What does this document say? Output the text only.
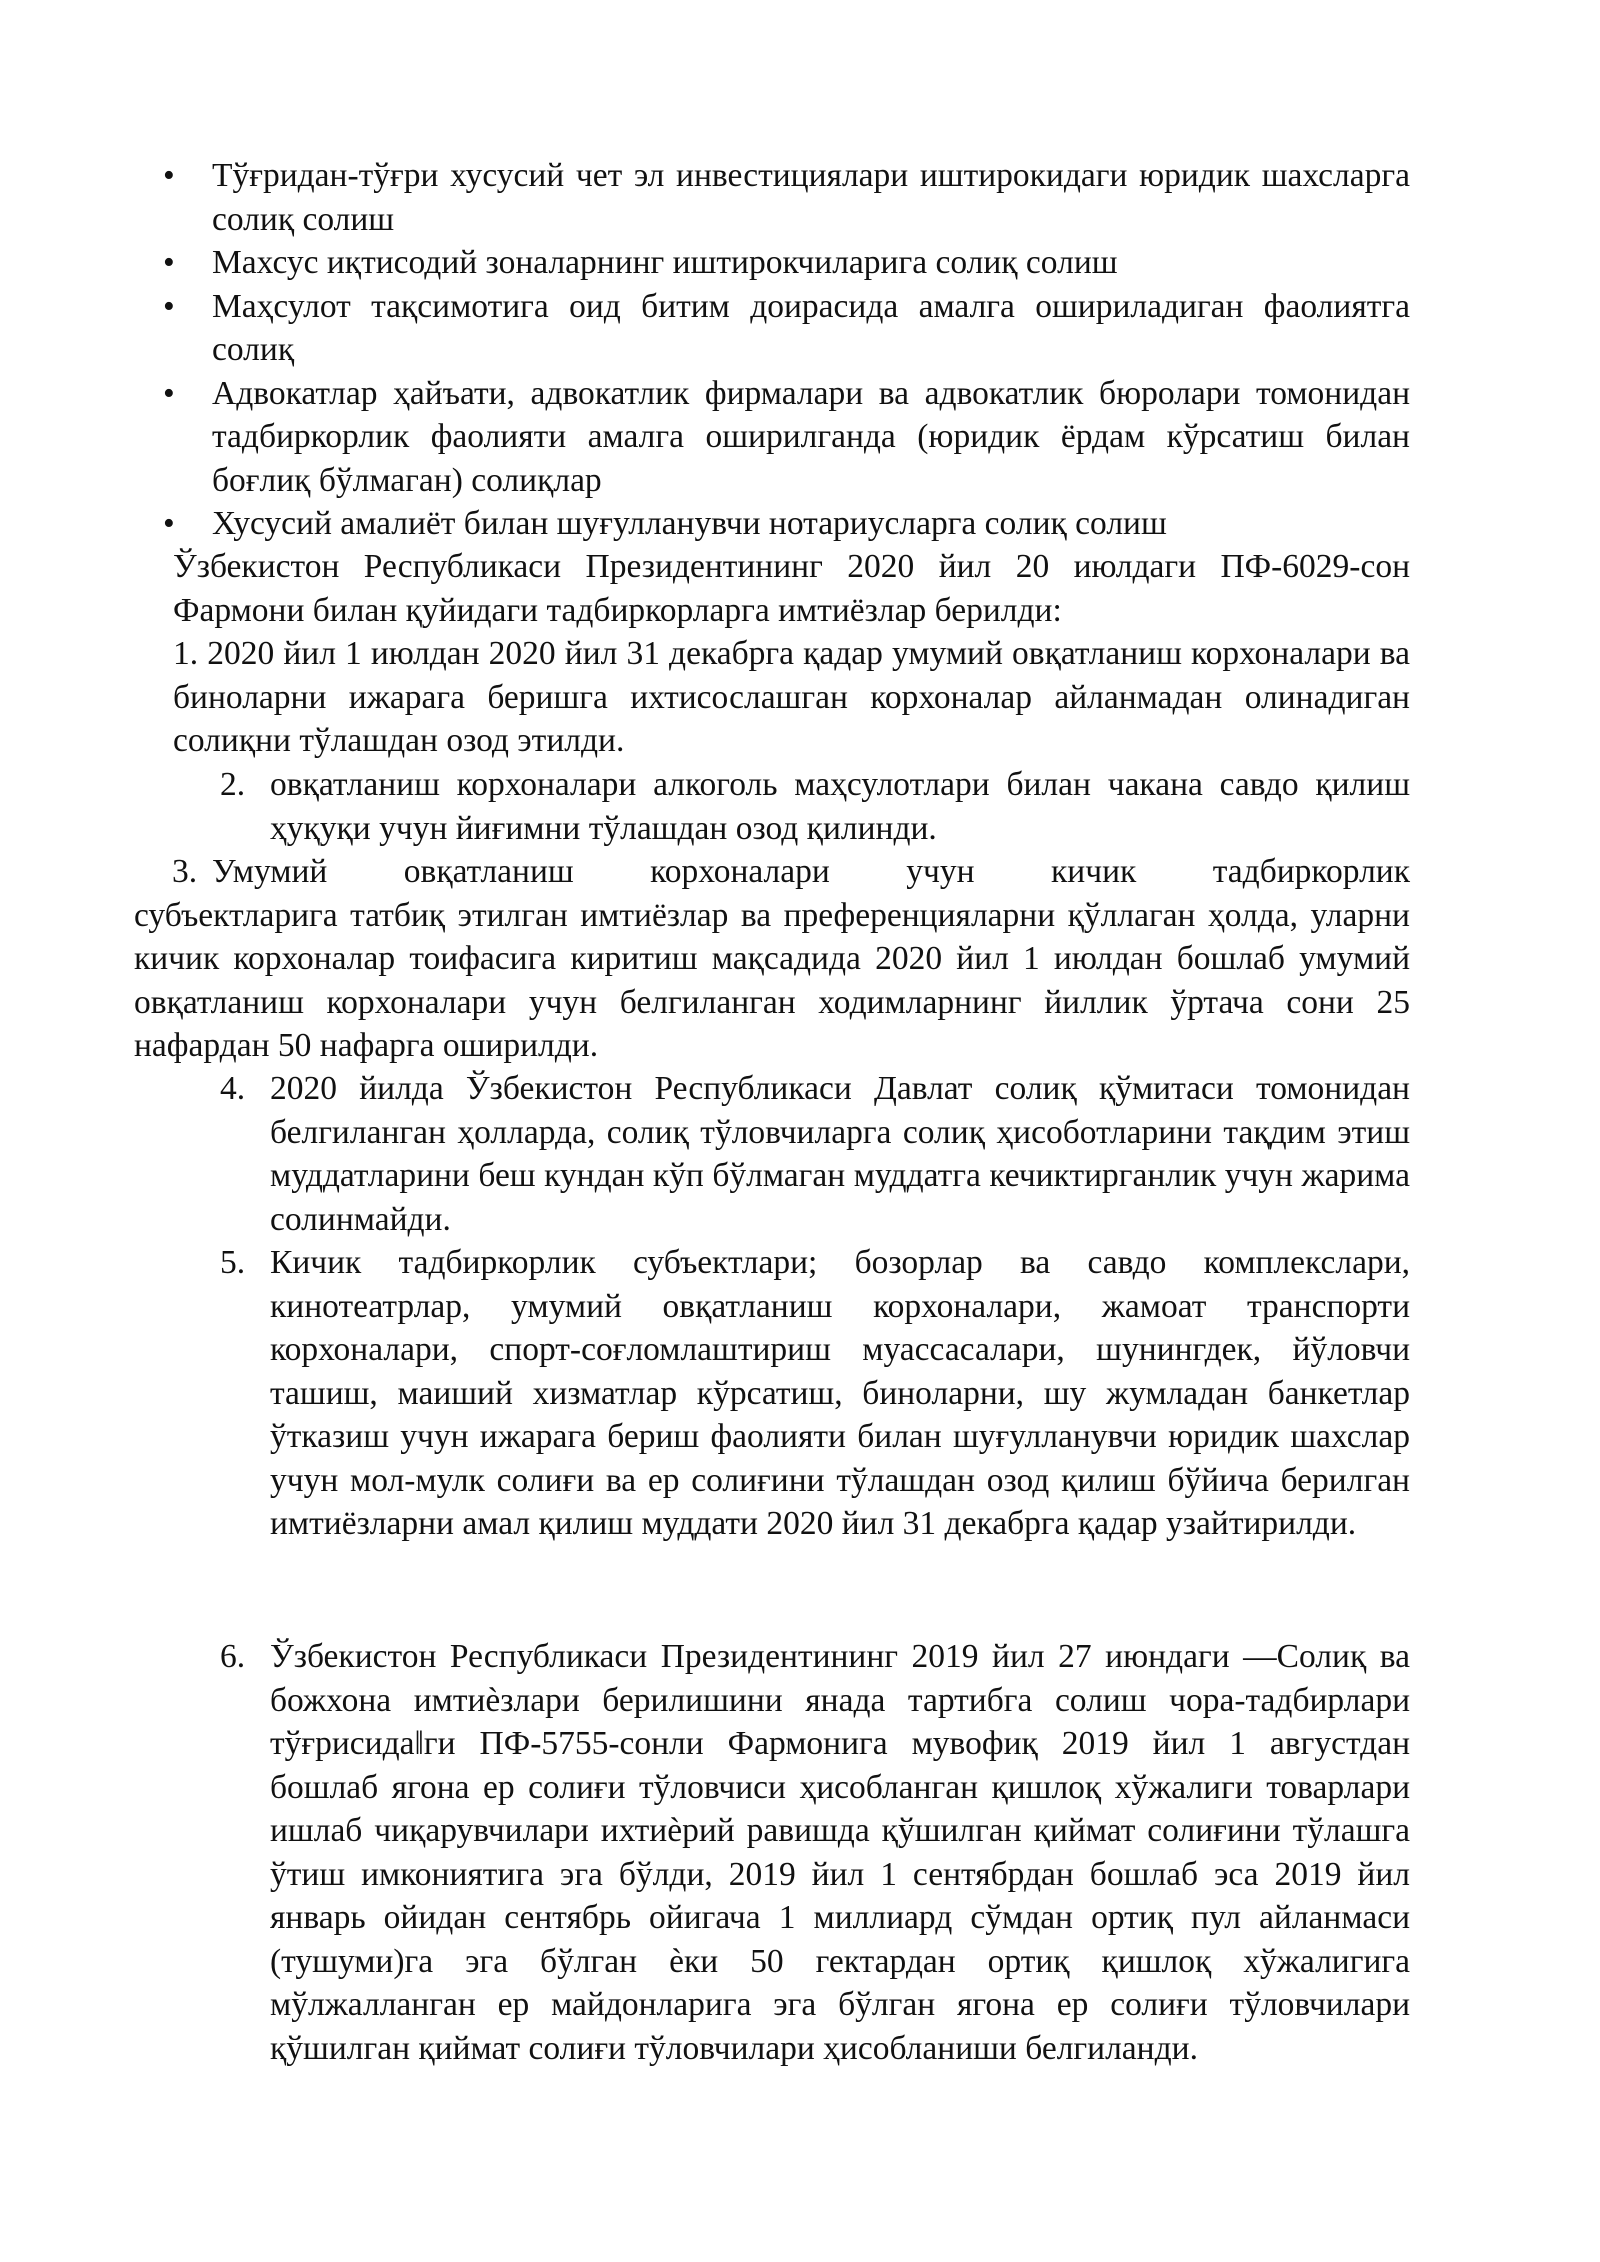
• Тўғридан-тўғри хусусий чет эл инвестициялари иштирокидаги юридик шахсларга солиқ солиш
• Махсус иқтисодий зоналарнинг иштирокчиларига солиқ солиш
• Маҳсулот тақсимотига оид битим доирасида амалга ошириладиган фаолиятга солиқ
• Адвокатлар ҳайъати, адвокатлик фирмалари ва адвокатлик бюролари томонидан тадбиркорлик фаолияти амалга оширилганда (юридик ёрдам кўрсатиш билан боғлиқ бўлмаган) солиқлар
• Хусусий амалиёт билан шуғулланувчи нотариусларга солиқ солиш
Ўзбекистон Республикаси Президентининг 2020 йил 20 июлдаги ПФ-6029-сон Фармони билан қуйидаги тадбиркорларга имтиёзлар берилди:
1. 2020 йил 1 июлдан 2020 йил 31 декабрга қадар умумий овқатланиш корхоналари ва биноларни ижарага беришга ихтисослашган корхоналар айланмадан олинадиган солиқни тўлашдан озод этилди.
2. овқатланиш корхоналари алкоголь маҳсулотлари билан чакана савдо қилиш ҳуқуқи учун йиғимни тўлашдан озод қилинди.
3. Умумий овқатланиш корхоналари учун кичик тадбиркорлик
субъектларига татбиқ этилган имтиёзлар ва преференцияларни қўллаган ҳолда, уларни кичик корхоналар тоифасига киритиш мақсадида 2020 йил 1 июлдан бошлаб умумий овқатланиш корхоналари учун белгиланган ходимларнинг йиллик ўртача сони 25 нафардан 50 нафарга оширилди.
4. 2020 йилда Ўзбекистон Республикаси Давлат солиқ қўмитаси томонидан белгиланган ҳолларда, солиқ тўловчиларга солиқ ҳисоботларини тақдим этиш муддатларини беш кундан кўп бўлмаган муддатга кечиктирганлик учун жарима солинмайди.
5. Кичик тадбиркорлик субъектлари; бозорлар ва савдо комплекслари, кинотеатрлар, умумий овқатланиш корхоналари, жамоат транспорти корхоналари, спорт-соғломлаштириш муассасалари, шунингдек, йўловчи ташиш, маиший хизматлар кўрсатиш, биноларни, шу жумладан банкетлар ўтказиш учун ижарага бериш фаолияти билан шуғулланувчи юридик шахслар учун мол-мулк солиғи ва ер солиғини тўлашдан озод қилиш бўйича берилган имтиёзларни амал қилиш муддати 2020 йил 31 декабрга қадар узайтирилди.
6. Ўзбекистон Республикаси Президентининг 2019 йил 27 июндаги ―Солиқ ва божхона имтиѐзлари берилишини янада тартибга солиш чора-тадбирлари тўғрисида‖ги ПФ-5755-сонли Фармонига мувофиқ 2019 йил 1 августдан бошлаб ягона ер солиғи тўловчиси ҳисобланган қишлоқ хўжалиги товарлари ишлаб чиқарувчилари ихтиѐрий равишда қўшилган қиймат солиғини тўлашга ўтиш имкониятига эга бўлди, 2019 йил 1 сентябрдан бошлаб эса 2019 йил январь ойидан сентябрь ойигача 1 миллиард сўмдан ортиқ пул айланмаси (тушуми)га эга бўлган ѐки 50 гектардан ортиқ қишлоқ хўжалигига мўлжалланган ер майдонларига эга бўлган ягона ер солиғи тўловчилари қўшилган қиймат солиғи тўловчилари ҳисобланиши белгиланди.
